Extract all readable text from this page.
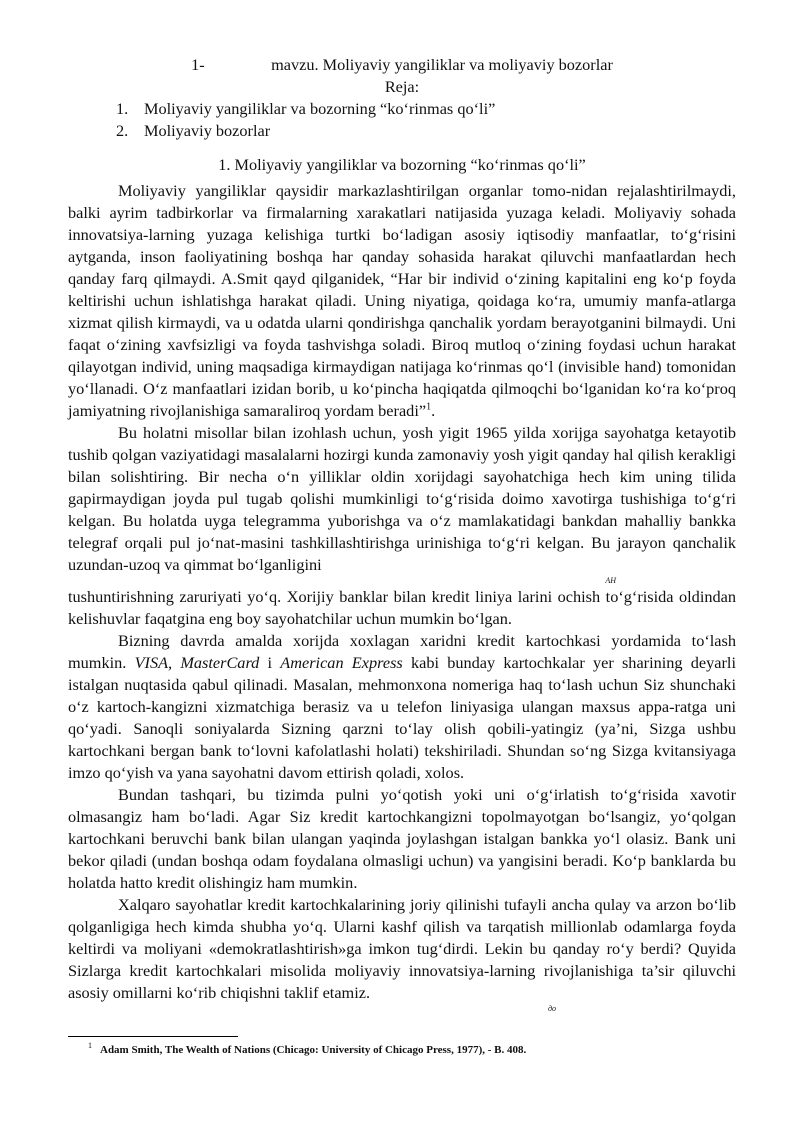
1-	mavzu. Moliyaviy yangiliklar va moliyaviy bozorlar
Reja:
1. Moliyaviy yangiliklar va bozorning “ko‘rinmas qo‘li”
2. Moliyaviy bozorlar
1. Moliyaviy yangiliklar va bozorning “ko‘rinmas qo‘li”

Moliyaviy yangiliklar qaysidir markazlashtirilgan organlar tomo-nidan rejalashtirilmaydi, balki ayrim tadbirkorlar va firmalarning xarakatlari natijasida yuzaga keladi. Moliyaviy sohada innovatsiya-larning yuzaga kelishiga turtki bo‘ladigan asosiy iqtisodiy manfaatlar, to‘g‘risini aytganda, inson faoliyatining boshqa har qanday sohasida harakat qiluvchi manfaatlardan hech qanday farq qilmaydi. A.Smit qayd qilganidek, “Har bir individ o‘zining kapitalini eng ko‘p foyda keltirishi uchun ishlatishga harakat qiladi. Uning niyatiga, qoidaga ko‘ra, umumiy manfa-atlarga xizmat qilish kirmaydi, va u odatda ularni qondirishga qanchalik yordam berayotganini bilmaydi. Uni faqat o‘zining xavfsizligi va foyda tashvishga soladi. Biroq mutloq o‘zining foydasi uchun harakat qilayotgan individ, uning maqsadiga kirmaydigan natijaga ko‘rinmas qo‘l (invisible hand) tomonidan yo‘llanadi. O‘z manfaatlari izidan borib, u ko‘pincha haqiqatda qilmoqchi bo‘lganidan ko‘ra ko‘proq jamiyatning rivojlanishiga samaraliroq yordam beradi”$^1$.

Bu holatni misollar bilan izohlash uchun, yosh yigit 1965 yilda xorijga sayohatga ketayotib tushib qolgan vaziyatidagi masalalarni hozirgi kunda zamonaviy yosh yigit qanday hal qilish kerakligi bilan solishtiring. Bir necha o‘n yilliklar oldin xorijdagi sayohatchiga hech kim uning tilida gapirmaydigan joyda pul tugab qolishi mumkinligi to‘g‘risida doimo xavotirga tushishiga to‘g‘ri kelgan. Bu holatda uyga telegramma yuborishga va o‘z mamlakatidagi bankdan mahalliy bankka telegraf orqali pul jo‘nat-masini tashkillashtirishga urinishiga to‘g‘ri kelgan. Bu jarayon qanchalik uzundan-uzoq va qimmat bo‘lganligini

АН

tushuntirishning zaruriyati yo‘q. Xorijiy banklar bilan kredit liniya larini ochish to‘g‘risida oldindan kelishuvlar faqatgina eng boy sayohatchilar uchun mumkin bo‘lgan.

Bizning davrda amalda xorijda xoxlagan xaridni kredit kartochkasi yordamida to‘lash mumkin. VISA, MasterCard i American Express kabi bunday kartochkalar yer sharining deyarli istalgan nuqtasida qabul qilinadi. Masalan, mehmonxona nomeriga haq to‘lash uchun Siz shunchaki o‘z kartoch-kangizni xizmatchiga berasiz va u telefon liniyasiga ulangan maxsus appa-ratga uni qo‘yadi. Sanoqli soniyalarda Sizning qarzni to‘lay olish qobili-yatingiz (ya’ni, Sizga ushbu kartochkani bergan bank to‘lovni kafolatlashi holati) tekshiriladi. Shundan so‘ng Sizga kvitansiyaga imzo qo‘yish va yana sayohatni davom ettirish qoladi, xolos.

Bundan tashqari, bu tizimda pulni yo‘qotish yoki uni o‘g‘irlatish to‘g‘risida xavotir olmasangiz ham bo‘ladi. Agar Siz kredit kartochkangizni topolmayotgan bo‘lsangiz, yo‘qolgan kartochkani beruvchi bank bilan ulangan yaqinda joylashgan istalgan bankka yo‘l olasiz. Bank uni bekor qiladi (undan boshqa odam foydalana olmasligi uchun) va yangisini beradi. Ko‘p banklarda bu holatda hatto kredit olishingiz ham mumkin.

Xalqaro sayohatlar kredit kartochkalarining joriy qilinishi tufayli ancha qulay va arzon bo‘lib qolganligiga hech kimda shubha yo‘q. Ularni kashf qilish va tarqatish millionlab odamlarga foyda keltirdi va moliyani «demokratlashtirish»ga imkon tug‘dirdi. Lekin bu qanday ro‘y berdi? Quyida Sizlarga kredit kartochkalari misolida moliyaviy innovatsiya-larning rivojlanishiga ta’sir qiluvchi asosiy omillarni ko‘rib chiqishni taklif etamiz.

до
$^1$ Adam Smith, The Wealth of Nations (Chicago: University of Chicago Press, 1977), - B. 408.
